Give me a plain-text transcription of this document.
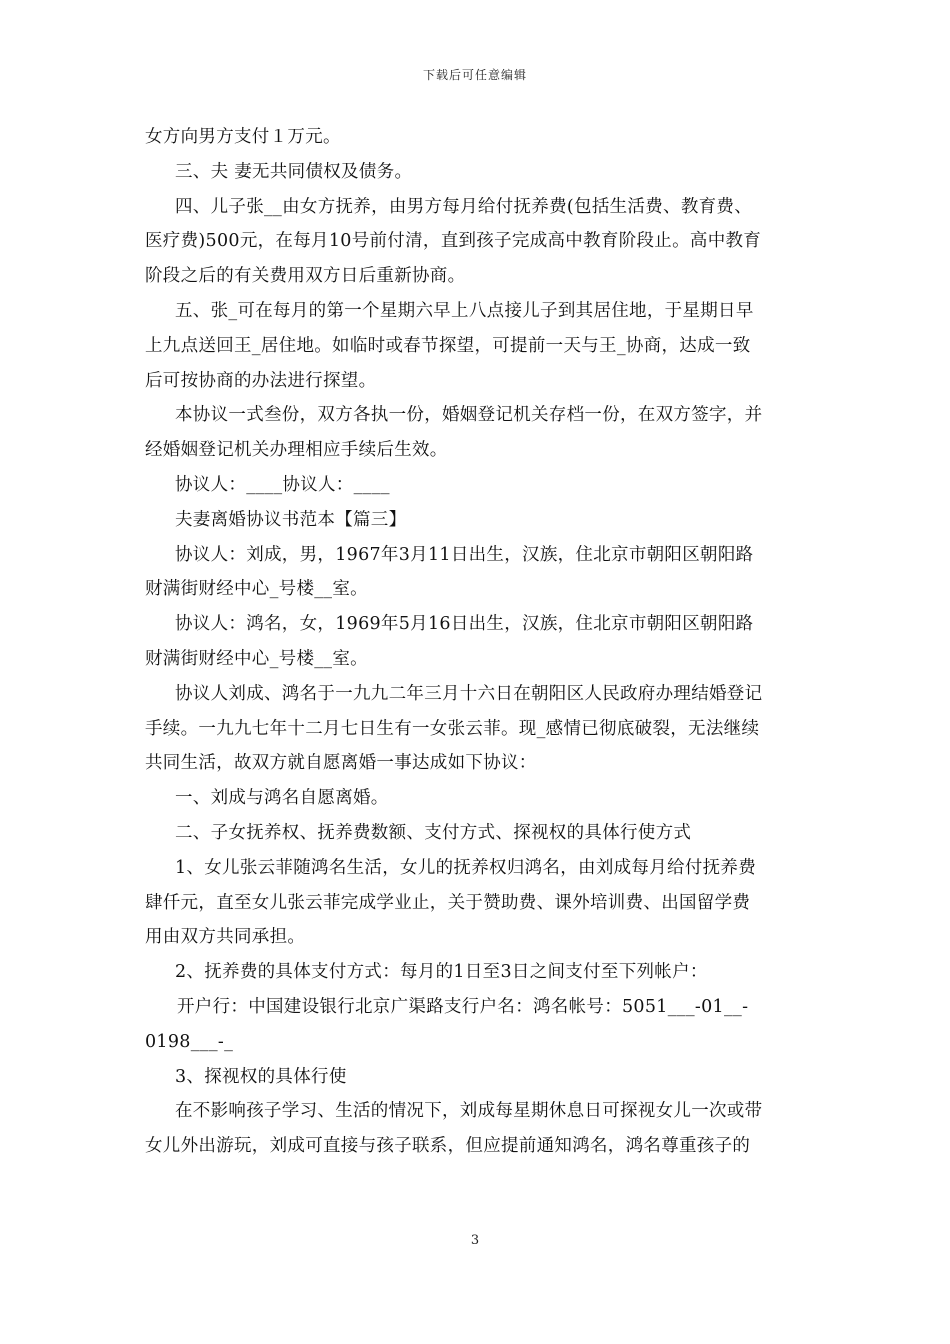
下载后可任意编辑
女方向男方支付１万元。
三、夫 妻无共同债权及债务。
四、儿子张__由女方抚养，由男方每月给付抚养费(包括生活费、教育费、
医疗费)500元，在每月10号前付清，直到孩子完成高中教育阶段止。高中教育
阶段之后的有关费用双方日后重新协商。
五、张_可在每月的第一个星期六早上八点接儿子到其居住地，于星期日早
上九点送回王_居住地。如临时或春节探望，可提前一天与王_协商，达成一致
后可按协商的办法进行探望。
本协议一式叁份，双方各执一份，婚姻登记机关存档一份，在双方签字，并
经婚姻登记机关办理相应手续后生效。
协议人：____协议人：____
夫妻离婚协议书范本【篇三】
协议人：刘成，男，1967年3月11日出生，汉族，住北京市朝阳区朝阳路
财满街财经中心_号楼__室。
协议人：鸿名，女，1969年5月16日出生，汉族，住北京市朝阳区朝阳路
财满街财经中心_号楼__室。
协议人刘成、鸿名于一九九二年三月十六日在朝阳区人民政府办理结婚登记
手续。一九九七年十二月七日生有一女张云菲。现_感情已彻底破裂，无法继续
共同生活，故双方就自愿离婚一事达成如下协议：
一、刘成与鸿名自愿离婚。
二、子女抚养权、抚养费数额、支付方式、探视权的具体行使方式
1、女儿张云菲随鸿名生活，女儿的抚养权归鸿名，由刘成每月给付抚养费
肆仟元，直至女儿张云菲完成学业止，关于赞助费、课外培训费、出国留学费
用由双方共同承担。
2、抚养费的具体支付方式：每月的1日至3日之间支付至下列帐户：
开户行：中国建设银行北京广渠路支行户名：鸿名帐号：5051___-01__-
0198___-_
3、探视权的具体行使
在不影响孩子学习、生活的情况下，刘成每星期休息日可探视女儿一次或带
女儿外出游玩，刘成可直接与孩子联系，但应提前通知鸿名，鸿名尊重孩子的
3
